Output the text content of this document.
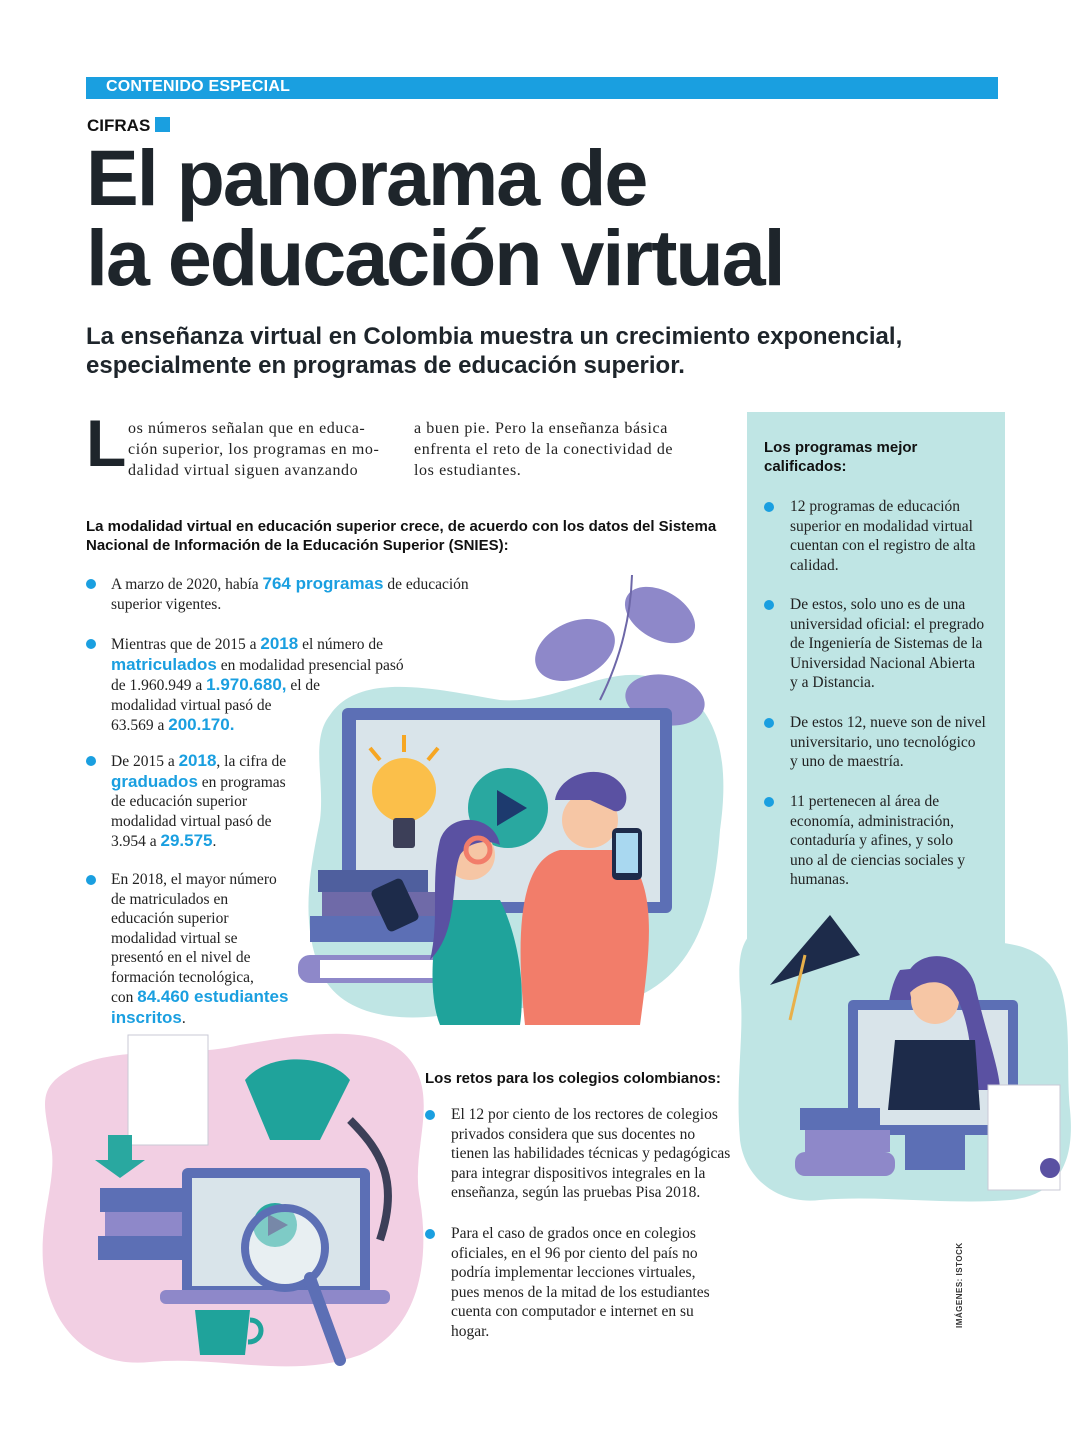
CONTENIDO ESPECIAL
CIFRAS
El panorama de
la educación virtual
La enseñanza virtual en Colombia muestra un crecimiento exponencial,
especialmente en programas de educación superior.
L os números señalan que en educa-
ción superior, los programas en mo-
dalidad virtual siguen avanzando
a buen pie. Pero la enseñanza básica
enfrenta el reto de la conectividad de
los estudiantes.
La modalidad virtual en educación superior crece, de acuerdo con los datos del Sistema
Nacional de Información de la Educación Superior (SNIES):
A marzo de 2020, había 764 programas de educación
superior vigentes.
Mientras que de 2015 a 2018 el número de
matriculados en modalidad presencial pasó
de 1.960.949 a 1.970.680, el de
modalidad virtual pasó de
63.569 a 200.170.
De 2015 a 2018, la cifra de
graduados en programas
de educación superior
modalidad virtual pasó de
3.954 a 29.575.
En 2018, el mayor número
de matriculados en
educación superior
modalidad virtual se
presentó en el nivel de
formación tecnológica,
con 84.460 estudiantes
inscritos.
Los programas mejor
calificados:
12 programas de educación
superior en modalidad virtual
cuentan con el registro de alta
calidad.
De estos, solo uno es de una
universidad oficial: el pregrado
de Ingeniería de Sistemas de la
Universidad Nacional Abierta
y a Distancia.
De estos 12, nueve son de nivel
universitario, uno tecnológico
y uno de maestría.
11 pertenecen al área de
economía, administración,
contaduría y afines, y solo
uno al de ciencias sociales y
humanas.
Los retos para los colegios colombianos:
El 12 por ciento de los rectores de colegios
privados considera que sus docentes no
tienen las habilidades técnicas y pedagógicas
para integrar dispositivos integrales en la
enseñanza, según las pruebas Pisa 2018.
Para el caso de grados once en colegios
oficiales, en el 96 por ciento del país no
podría implementar lecciones virtuales,
pues menos de la mitad de los estudiantes
cuenta con computador e internet en su
hogar.
IMÁGENES: ISTOCK
